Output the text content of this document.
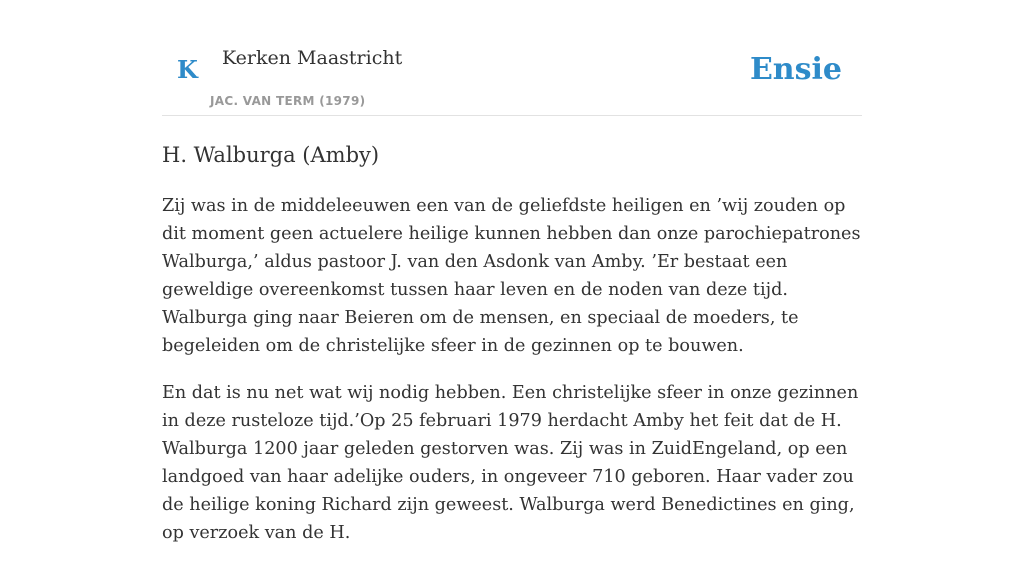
K Kerken Maastricht
JAC. VAN TERM (1979)
Ensie
H. Walburga (Amby)

Zij was in de middeleeuwen een van de geliefdste heiligen en ’wij zouden op dit moment geen actuelere heilige kunnen hebben dan onze parochiepatrones Walburga,’ aldus pastoor J. van den Asdonk van Amby. ’Er bestaat een geweldige overeenkomst tussen haar leven en de noden van deze tijd. Walburga ging naar Beieren om de mensen, en speciaal de moeders, te begeleiden om de christelijke sfeer in de gezinnen op te bouwen.

En dat is nu net wat wij nodig hebben. Een christelijke sfeer in onze gezinnen in deze rusteloze tijd.’Op 25 februari 1979 herdacht Amby het feit dat de H. Walburga 1200 jaar geleden gestorven was. Zij was in ZuidEngeland, op een landgoed van haar adelijke ouders, in ongeveer 710 geboren. Haar vader zou de heilige koning Richard zijn geweest. Walburga werd Benedictines en ging, op verzoek van de H.
